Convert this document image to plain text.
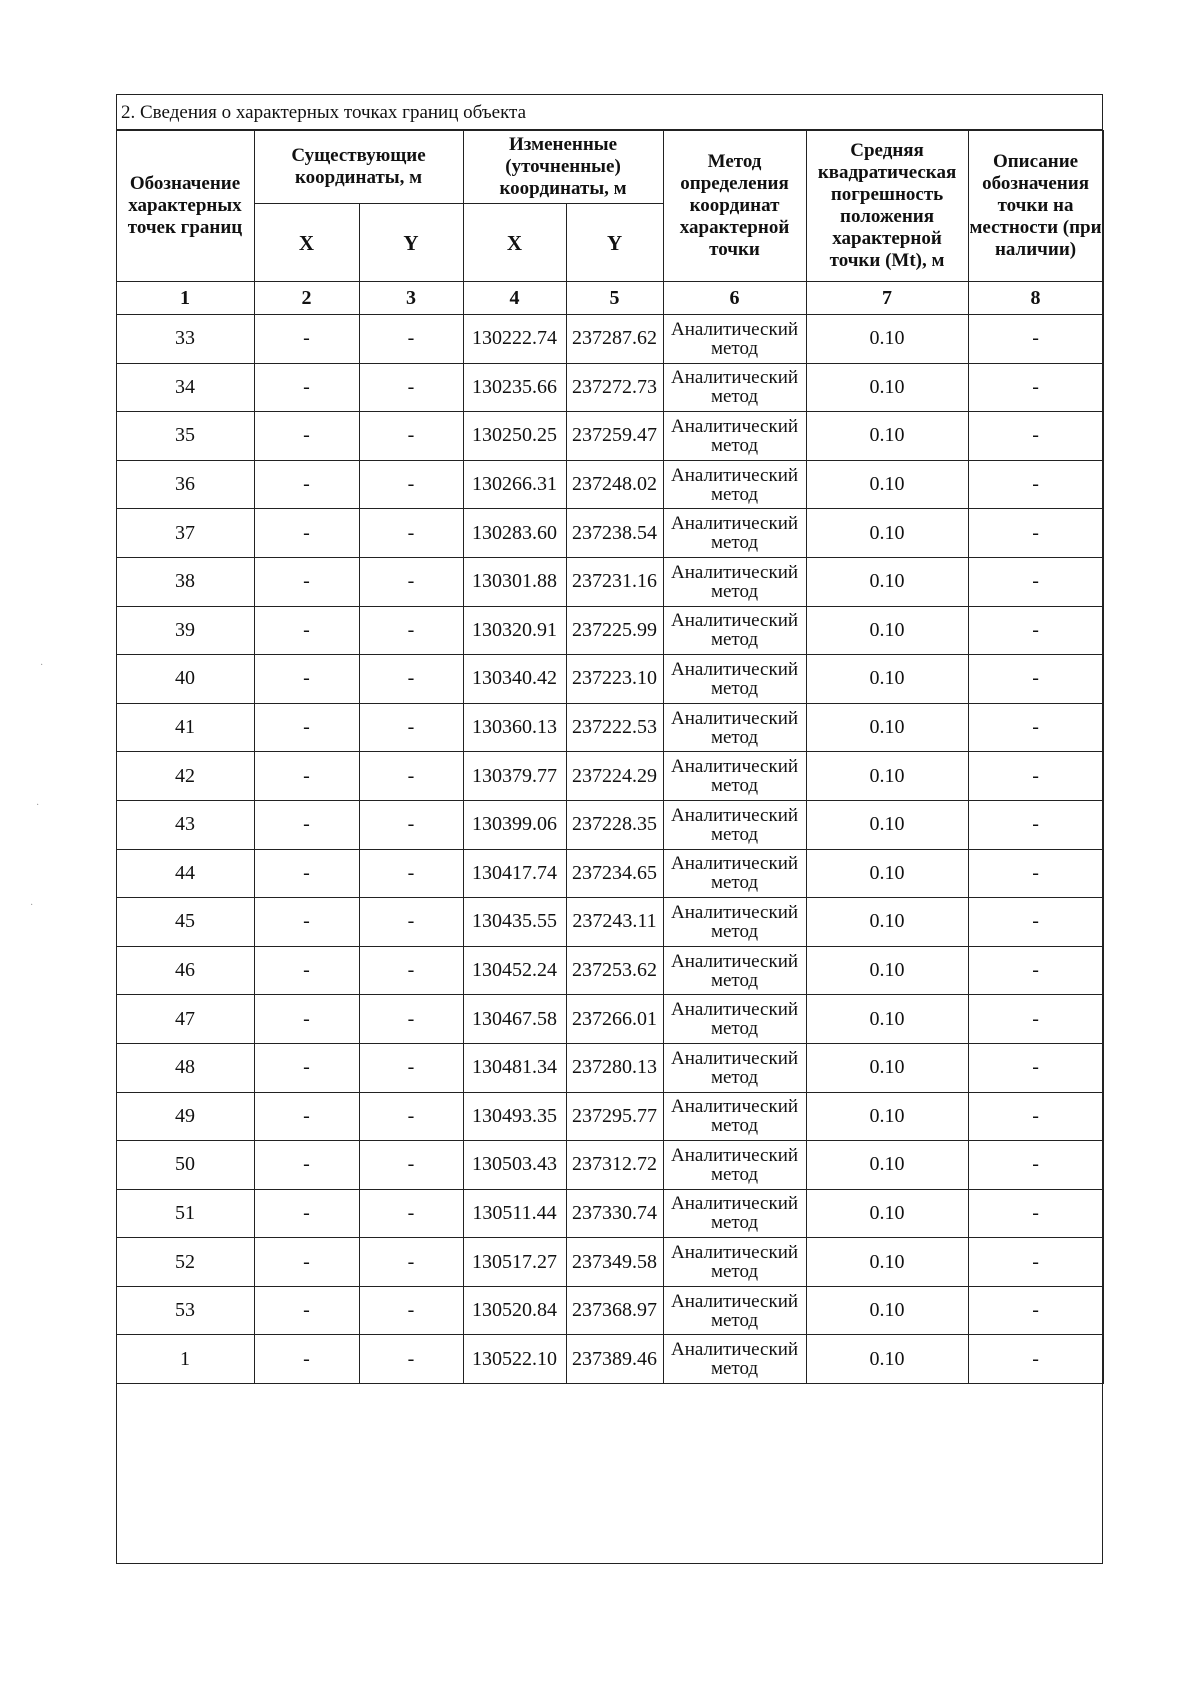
2. Сведения о характерных точках границ объекта
Обозначение характерных точек границ	Существующие координаты, м		Измененные (уточненные) координаты, м		Метод определения координат характерной точки	Средняя квадратическая погрешность положения характерной точки (Mt), м	Описание обозначения точки на местности (при наличии)
	X	Y	X	Y			
1	2	3	4	5	6	7	8
33	-	-	130222.74	237287.62	Аналитический метод	0.10	-
34	-	-	130235.66	237272.73	Аналитический метод	0.10	-
35	-	-	130250.25	237259.47	Аналитический метод	0.10	-
36	-	-	130266.31	237248.02	Аналитический метод	0.10	-
37	-	-	130283.60	237238.54	Аналитический метод	0.10	-
38	-	-	130301.88	237231.16	Аналитический метод	0.10	-
39	-	-	130320.91	237225.99	Аналитический метод	0.10	-
40	-	-	130340.42	237223.10	Аналитический метод	0.10	-
41	-	-	130360.13	237222.53	Аналитический метод	0.10	-
42	-	-	130379.77	237224.29	Аналитический метод	0.10	-
43	-	-	130399.06	237228.35	Аналитический метод	0.10	-
44	-	-	130417.74	237234.65	Аналитический метод	0.10	-
45	-	-	130435.55	237243.11	Аналитический метод	0.10	-
46	-	-	130452.24	237253.62	Аналитический метод	0.10	-
47	-	-	130467.58	237266.01	Аналитический метод	0.10	-
48	-	-	130481.34	237280.13	Аналитический метод	0.10	-
49	-	-	130493.35	237295.77	Аналитический метод	0.10	-
50	-	-	130503.43	237312.72	Аналитический метод	0.10	-
51	-	-	130511.44	237330.74	Аналитический метод	0.10	-
52	-	-	130517.27	237349.58	Аналитический метод	0.10	-
53	-	-	130520.84	237368.97	Аналитический метод	0.10	-
1	-	-	130522.10	237389.46	Аналитический метод	0.10	-
·
·
·
